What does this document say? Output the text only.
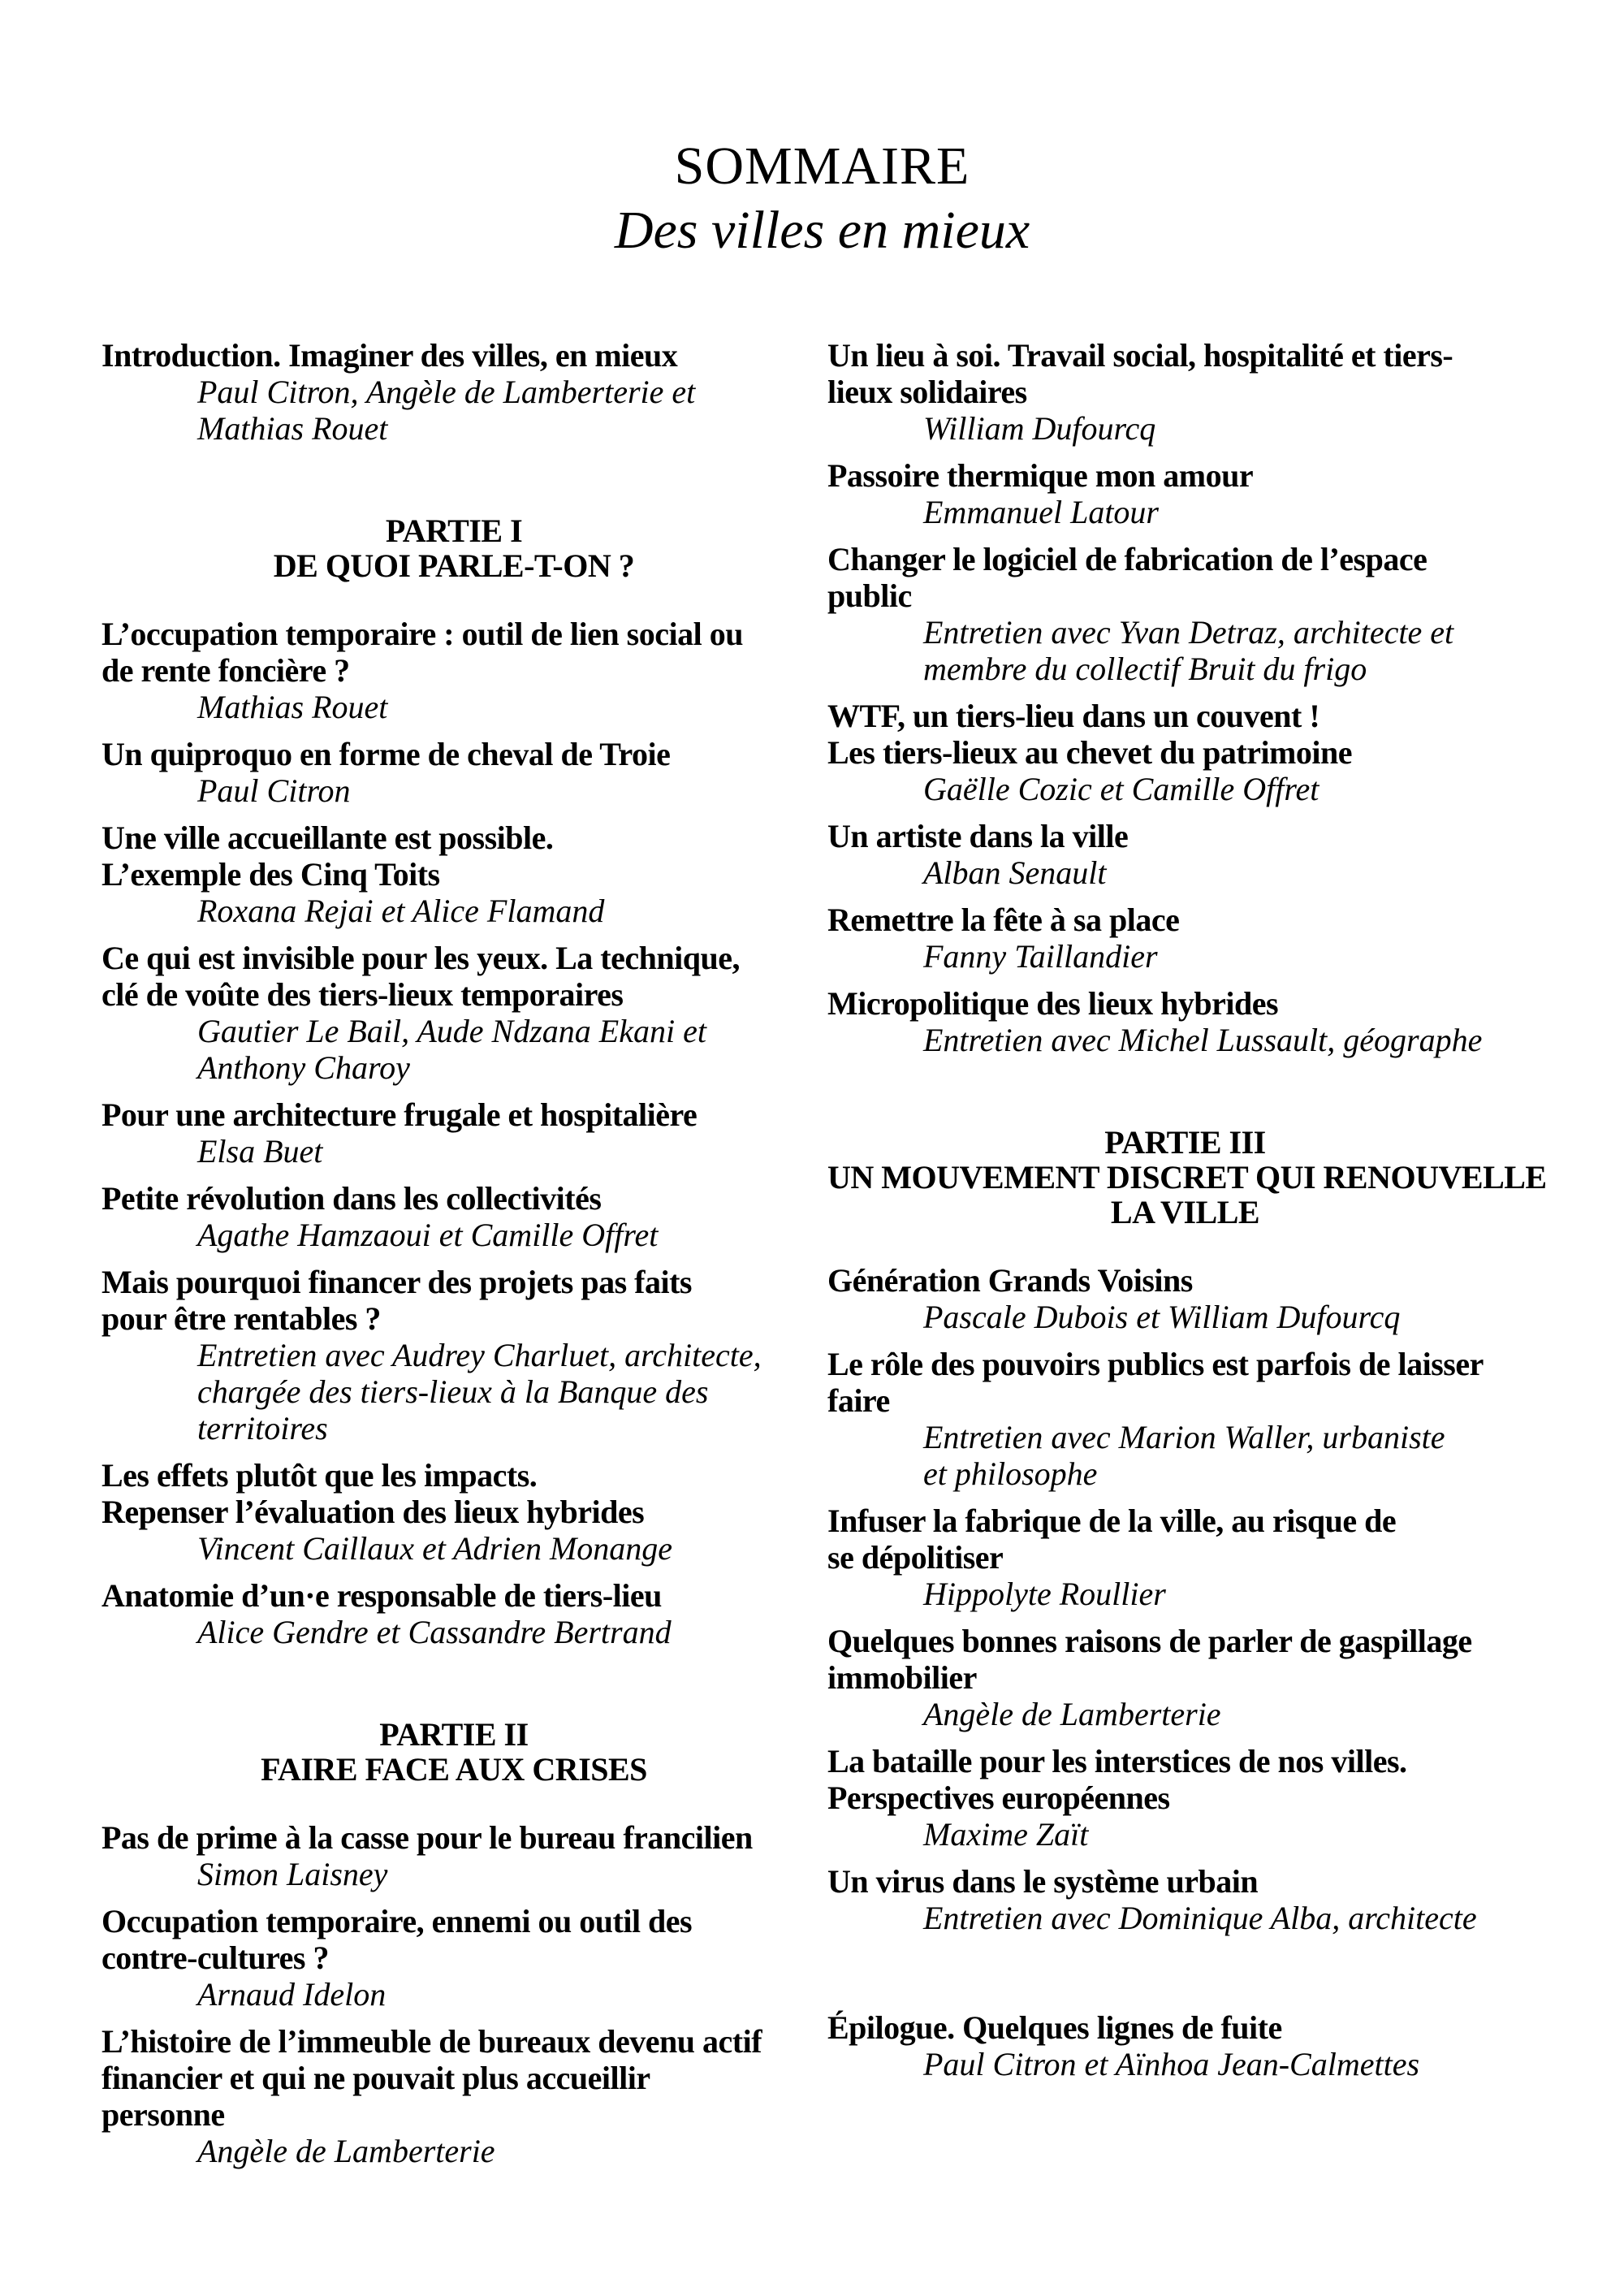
SOMMAIRE
Des villes en mieux
Introduction. Imaginer des villes, en mieux
Paul Citron, Angèle de Lamberterie et
Mathias Rouet
PARTIE I
DE QUOI PARLE-T-ON ?
L’occupation temporaire : outil de lien social ou
de rente foncière ?
Mathias Rouet
Un quiproquo en forme de cheval de Troie
Paul Citron
Une ville accueillante est possible.
L’exemple des Cinq Toits
Roxana Rejai et Alice Flamand
Ce qui est invisible pour les yeux. La technique,
clé de voûte des tiers-lieux temporaires
Gautier Le Bail, Aude Ndzana Ekani et
Anthony Charoy
Pour une architecture frugale et hospitalière
Elsa Buet
Petite révolution dans les collectivités
Agathe Hamzaoui et Camille Offret
Mais pourquoi financer des projets pas faits
pour être rentables ?
Entretien avec Audrey Charluet, architecte,
chargée des tiers-lieux à la Banque des
territoires
Les effets plutôt que les impacts.
Repenser l’évaluation des lieux hybrides
Vincent Caillaux et Adrien Monange
Anatomie d’un·e responsable de tiers-lieu
Alice Gendre et Cassandre Bertrand
PARTIE II
FAIRE FACE AUX CRISES
Pas de prime à la casse pour le bureau francilien
Simon Laisney
Occupation temporaire, ennemi ou outil des
contre-cultures ?
Arnaud Idelon
L’histoire de l’immeuble de bureaux devenu actif
financier et qui ne pouvait plus accueillir
personne
Angèle de Lamberterie
Un lieu à soi. Travail social, hospitalité et tiers-
lieux solidaires
William Dufourcq
Passoire thermique mon amour
Emmanuel Latour
Changer le logiciel de fabrication de l’espace
public
Entretien avec Yvan Detraz, architecte et
membre du collectif Bruit du frigo
WTF, un tiers-lieu dans un couvent !
Les tiers-lieux au chevet du patrimoine
Gaëlle Cozic et Camille Offret
Un artiste dans la ville
Alban Senault
Remettre la fête à sa place
Fanny Taillandier
Micropolitique des lieux hybrides
Entretien avec Michel Lussault, géographe
PARTIE III
UN MOUVEMENT DISCRET QUI RENOUVELLE
LA VILLE
Génération Grands Voisins
Pascale Dubois et William Dufourcq
Le rôle des pouvoirs publics est parfois de laisser
faire
Entretien avec Marion Waller, urbaniste
et philosophe
Infuser la fabrique de la ville, au risque de
se dépolitiser
Hippolyte Roullier
Quelques bonnes raisons de parler de gaspillage
immobilier
Angèle de Lamberterie
La bataille pour les interstices de nos villes.
Perspectives européennes
Maxime Zaït
Un virus dans le système urbain
Entretien avec Dominique Alba, architecte
Épilogue. Quelques lignes de fuite
Paul Citron et Aïnhoa Jean-Calmettes
